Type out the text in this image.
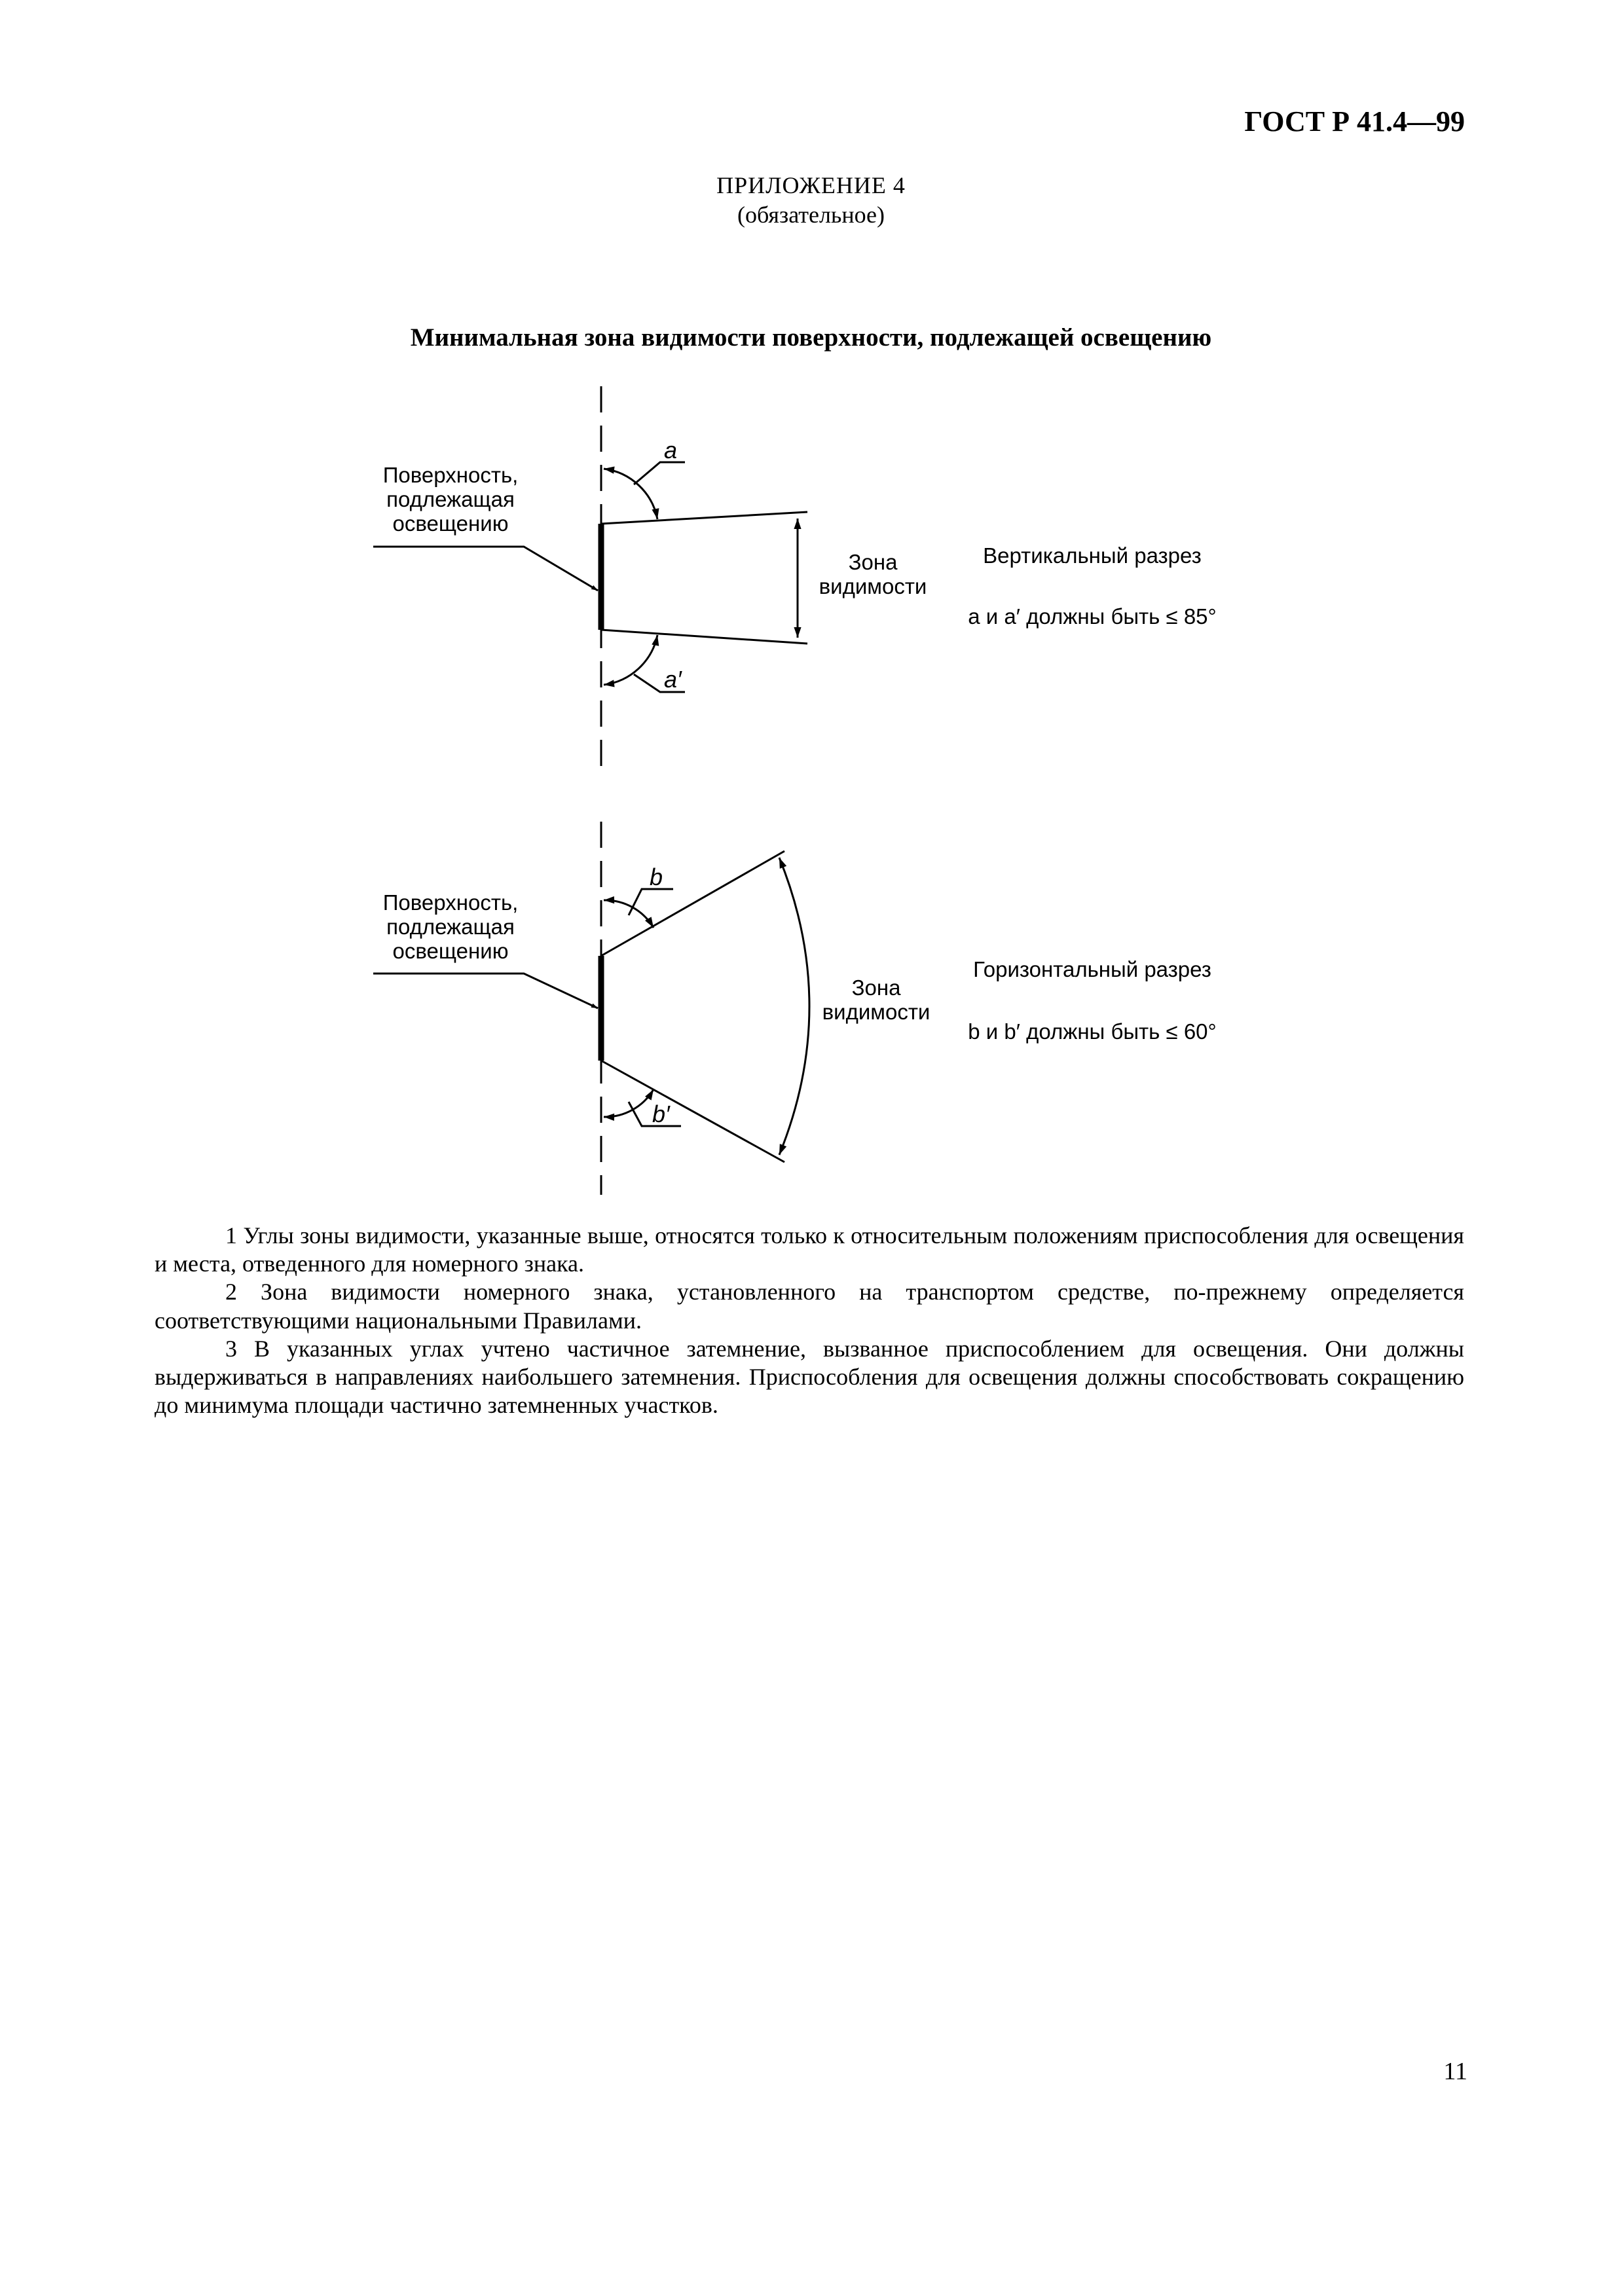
ГОСТ Р 41.4—99
ПРИЛОЖЕНИЕ 4
(обязательное)
Минимальная зона видимости поверхности, подлежащей освещению
a
a′
Поверхность,
подлежащая
освещению
Зона
видимости
Вертикальный разрез
a и a′ должны быть ≤ 85°
b
b′
Поверхность,
подлежащая
освещению
Зона
видимости
Горизонтальный разрез
b и b′ должны быть ≤ 60°

1 Углы зоны видимости, указанные выше, относятся только к относительным положениям приспособления для освещения и места, отведенного для номерного знака.

2 Зона видимости номерного знака, установленного на транспортом средстве, по-прежнему определяется соответствующими национальными Правилами.

3 В указанных углах учтено частичное затемнение, вызванное приспособлением для освещения. Они должны выдерживаться в направлениях наибольшего затемнения. Приспособления для освещения должны способствовать сокращению до минимума площади частично затемненных участков.

11
